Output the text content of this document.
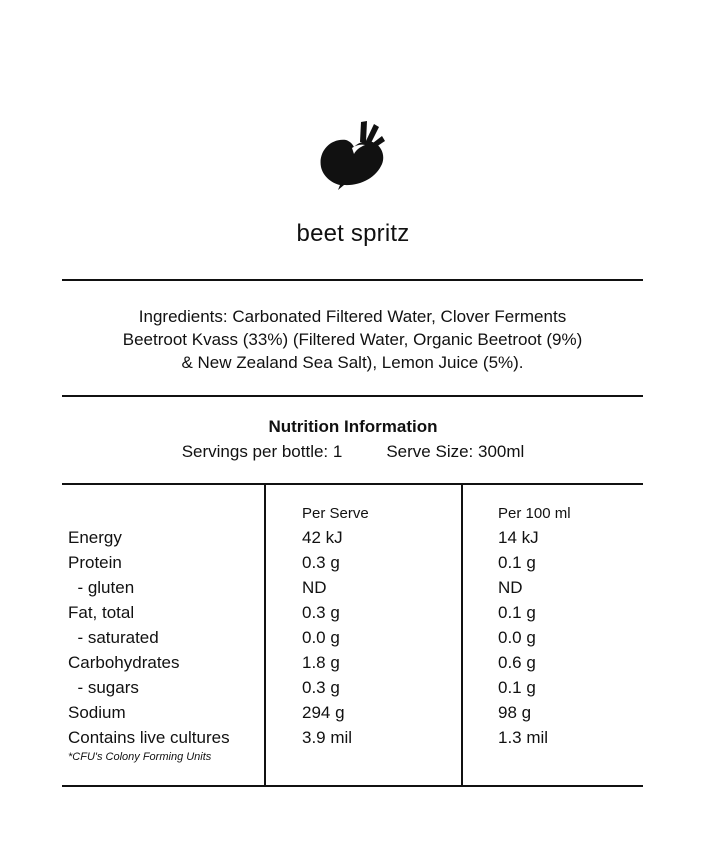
beet spritz
Ingredients: Carbonated Filtered Water, Clover Ferments
Beetroot Kvass (33%) (Filtered Water, Organic Beetroot (9%)
& New Zealand Sea Salt), Lemon Juice (5%).
Nutrition Information
Servings per bottle: 1	Serve Size: 300ml
Energy
Protein
- gluten
Fat, total
- saturated
Carbohydrates
- sugars
Sodium
Contains live cultures
*CFU's Colony Forming Units
Per Serve
42 kJ
0.3 g
ND
0.3 g
0.0 g
1.8 g
0.3 g
294 g
3.9 mil
Per 100 ml
14 kJ
0.1 g
ND
0.1 g
0.0 g
0.6 g
0.1 g
98 g
1.3 mil
